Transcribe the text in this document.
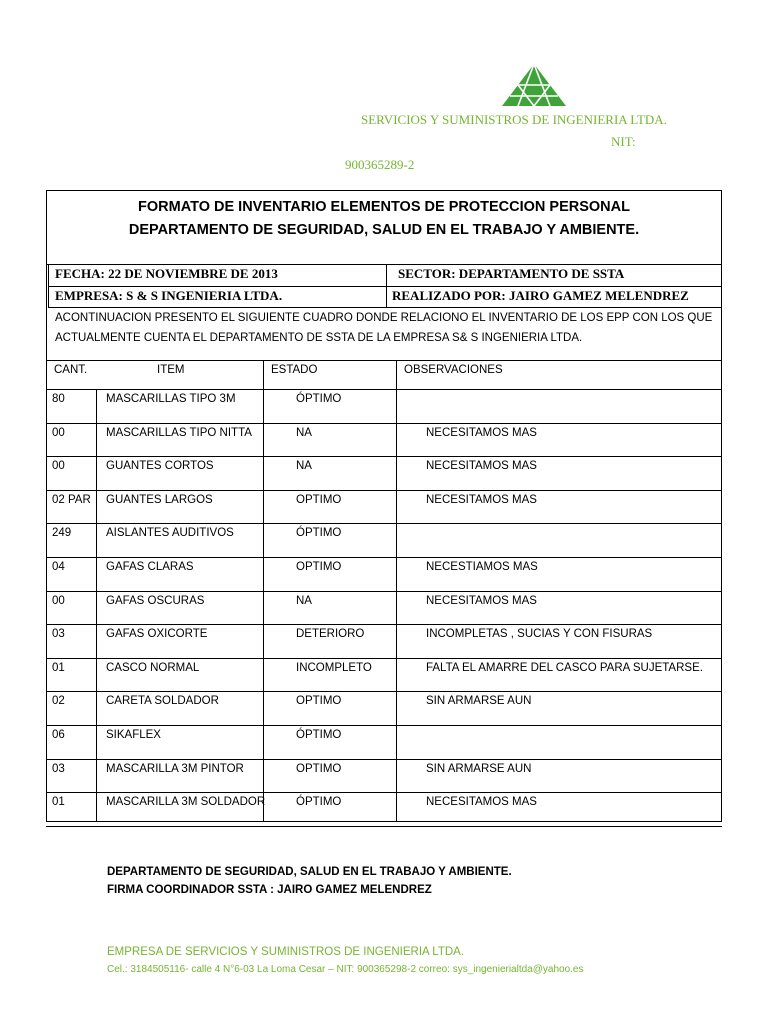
SERVICIOS Y SUMINISTROS DE INGENIERIA LTDA.
NIT:
900365289-2
FORMATO DE INVENTARIO ELEMENTOS DE PROTECCION PERSONAL
DEPARTAMENTO DE SEGURIDAD, SALUD EN EL TRABAJO Y AMBIENTE.
FECHA: 22 DE NOVIEMBRE DE 2013	SECTOR: DEPARTAMENTO DE SSTA
EMPRESA: S & S INGENIERIA LTDA.	REALIZADO POR: JAIRO GAMEZ MELENDREZ
ACONTINUACION PRESENTO EL SIGUIENTE CUADRO DONDE RELACIONO EL INVENTARIO DE LOS EPP CON LOS QUE ACTUALMENTE CUENTA EL DEPARTAMENTO DE SSTA DE LA EMPRESA S& S INGENIERIA LTDA.
CANT.	ITEM	ESTADO	OBSERVACIONES
80	MASCARILLAS TIPO 3M	ÓPTIMO
00	MASCARILLAS TIPO NITTA	NA	NECESITAMOS MAS
00	GUANTES CORTOS	NA	NECESITAMOS MAS
02 PAR GUANTES LARGOS	OPTIMO	NECESITAMOS MAS
249	AISLANTES AUDITIVOS	ÓPTIMO
04	GAFAS CLARAS	OPTIMO	NECESTIAMOS MAS
00	GAFAS OSCURAS	NA	NECESITAMOS MAS
03	GAFAS OXICORTE	DETERIORO	INCOMPLETAS , SUCIAS Y CON FISURAS
01	CASCO NORMAL	INCOMPLETO	FALTA EL AMARRE DEL CASCO PARA SUJETARSE.
02	CARETA SOLDADOR	OPTIMO	SIN ARMARSE AUN
06	SIKAFLEX	ÓPTIMO
03	MASCARILLA 3M PINTOR	OPTIMO	SIN ARMARSE AUN
01	MASCARILLA 3M SOLDADOR	ÓPTIMO	NECESITAMOS MAS
DEPARTAMENTO DE SEGURIDAD, SALUD EN EL TRABAJO Y AMBIENTE.
FIRMA COORDINADOR SSTA : JAIRO GAMEZ MELENDREZ
EMPRESA DE SERVICIOS Y SUMINISTROS DE INGENIERIA LTDA.
Cel.: 3184505116- calle 4 N°6-03 La Loma Cesar – NIT: 900365298-2 correo: sys_ingenierialtda@yahoo.es
